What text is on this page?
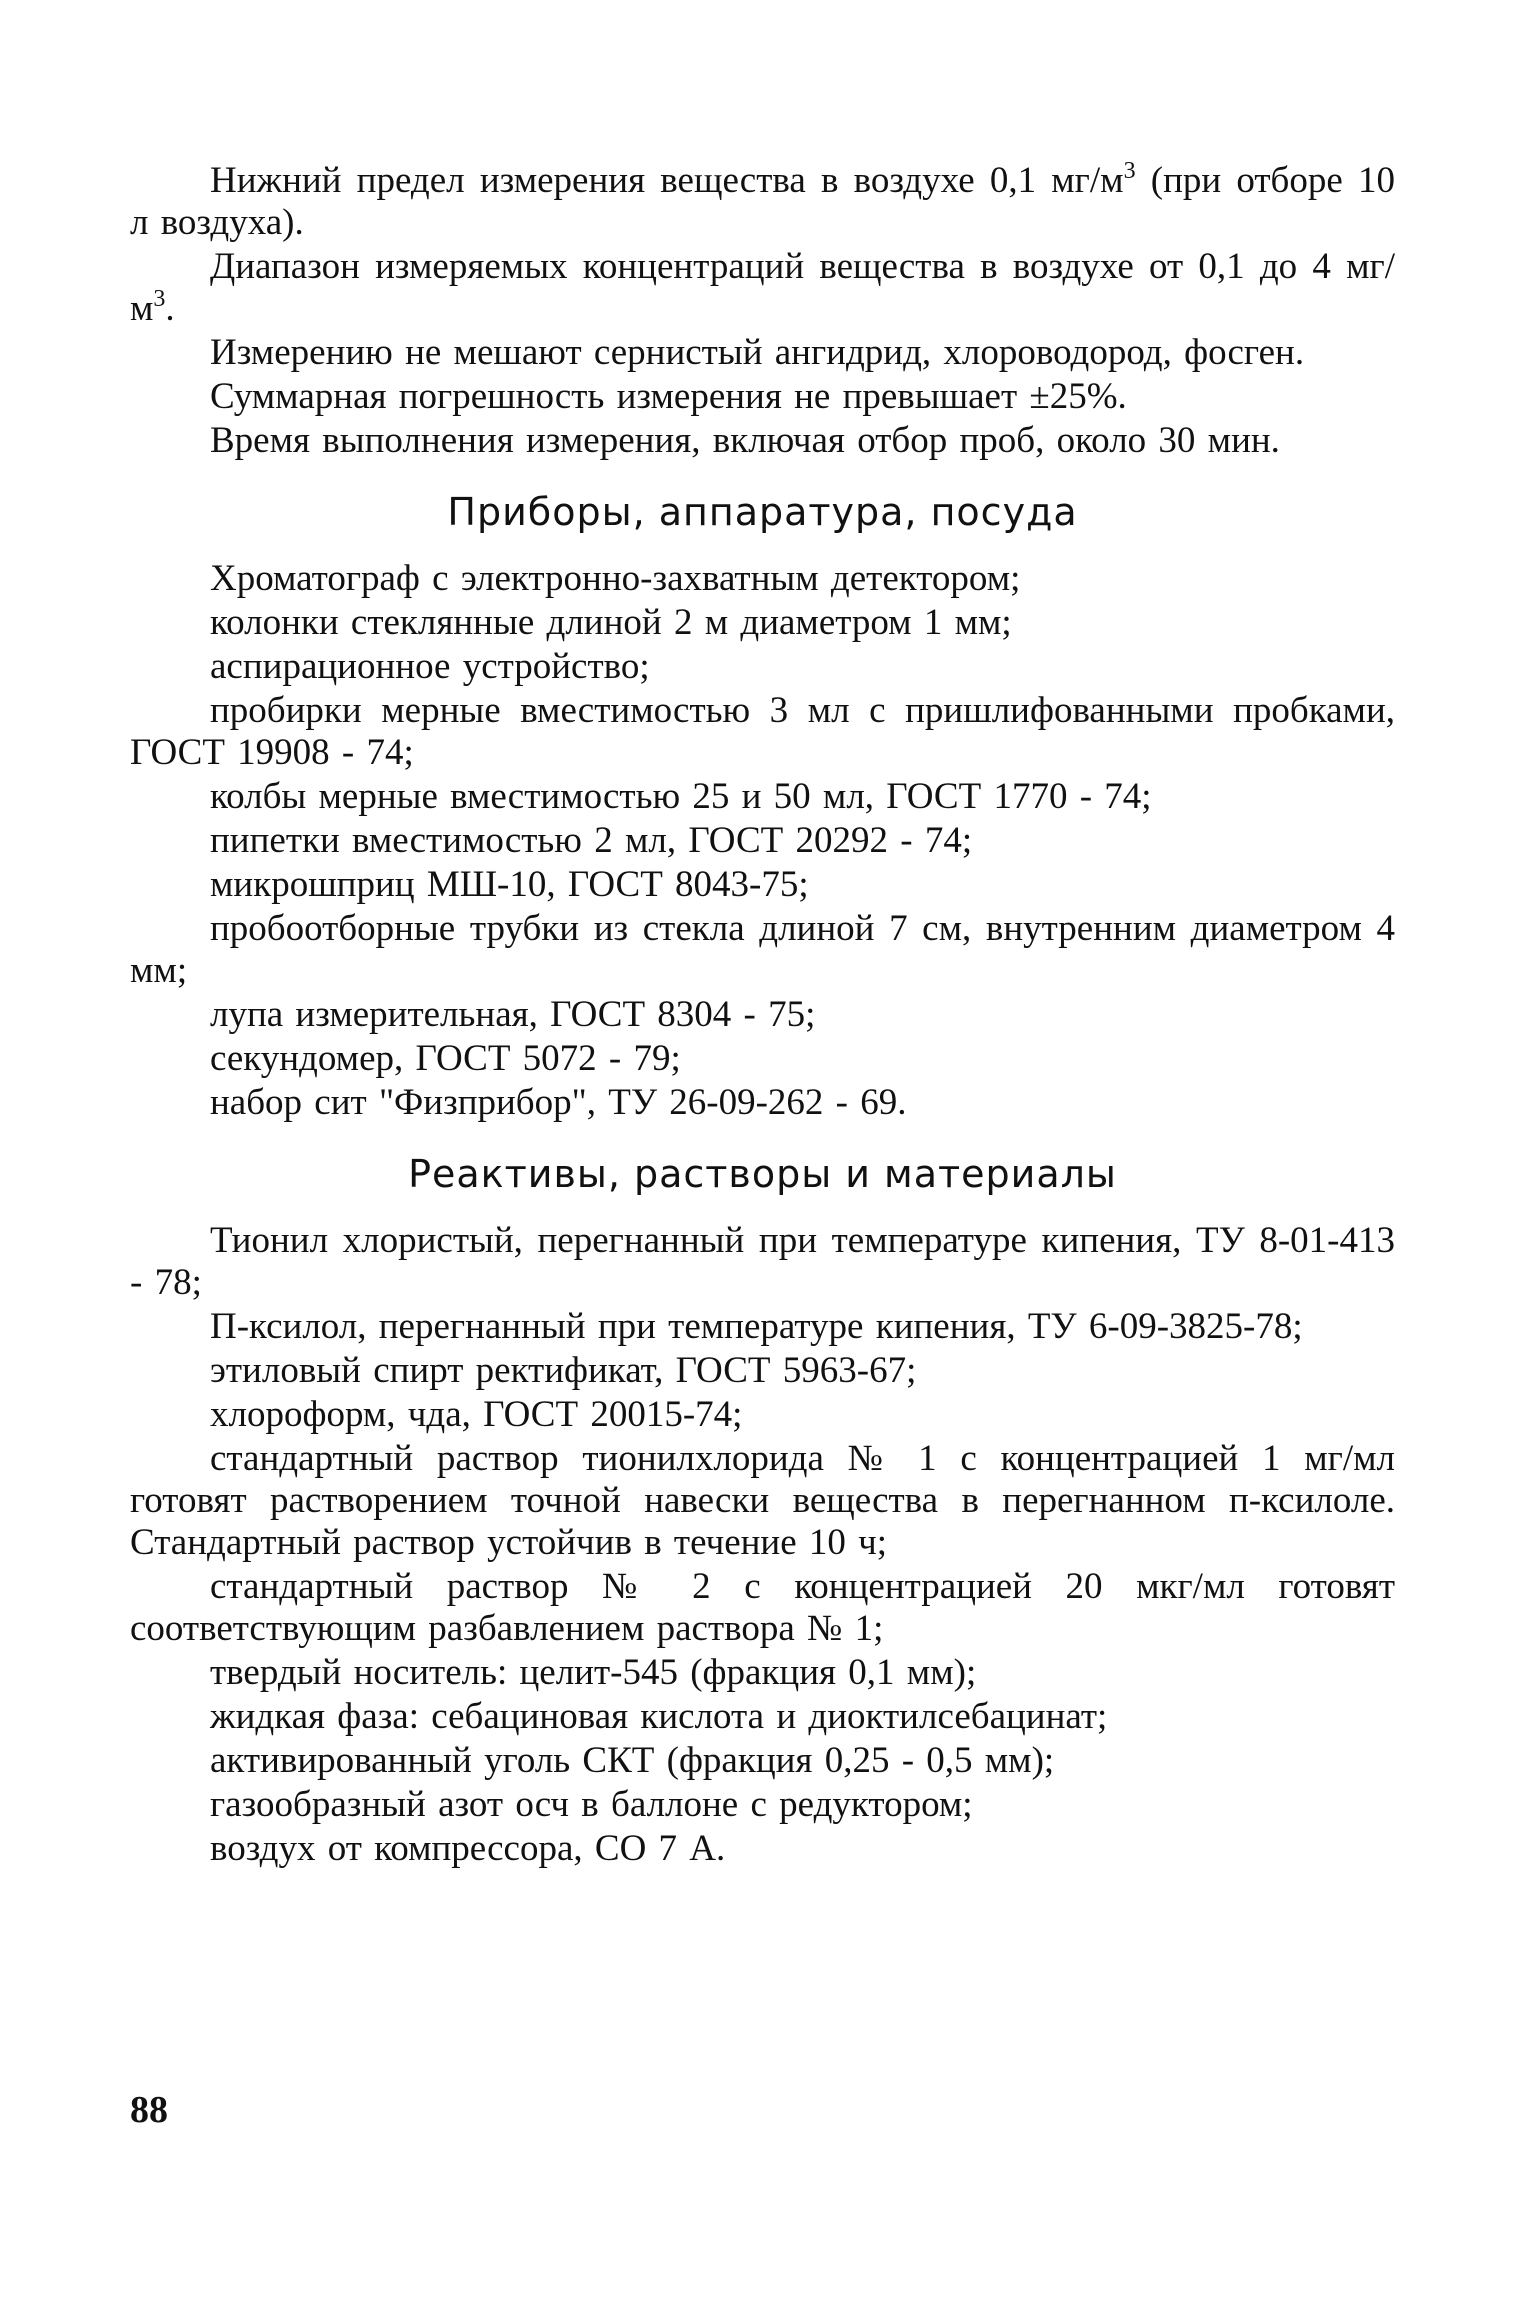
Нижний предел измерения вещества в воздухе 0,1 $мг/м^3$ (при отборе 10 л воздуха).

Диапазон измеряемых концентраций вещества в воздухе от 0,1 до 4 $мг/м^3$.

Измерению не мешают сернистый ангидрид, хлороводород, фосген.

Суммарная погрешность измерения не превышает ±25%.

Время выполнения измерения, включая отбор проб, около 30 мин.

Приборы, аппаратура, посуда

Хроматограф с электронно-захватным детектором;

колонки стеклянные длиной 2 м диаметром 1 мм;

аспирационное устройство;

пробирки мерные вместимостью 3 мл с пришлифованными пробками, ГОСТ 19908 - 74;

колбы мерные вместимостью 25 и 50 мл, ГОСТ 1770 - 74;

пипетки вместимостью 2 мл, ГОСТ 20292 - 74;

микрошприц МШ-10, ГОСТ 8043-75;

пробоотборные трубки из стекла длиной 7 см, внутренним диаметром 4 мм;

лупа измерительная, ГОСТ 8304 - 75;

секундомер, ГОСТ 5072 - 79;

набор сит "Физприбор", ТУ 26-09-262 - 69.

Реактивы, растворы и материалы

Тионил хлористый, перегнанный при температуре кипения, ТУ 8-01-413 - 78;

П-ксилол, перегнанный при температуре кипения, ТУ 6-09-3825-78;

этиловый спирт ректификат, ГОСТ 5963-67;

хлороформ, чда, ГОСТ 20015-74;

стандартный раствор тионилхлорида № 1 с концентрацией 1 мг/мл готовят растворением точной навески вещества в перегнанном п-ксилоле. Стандартный раствор устойчив в течение 10 ч;

стандартный раствор № 2 с концентрацией 20 мкг/мл готовят соответствующим разбавлением раствора № 1;

твердый носитель: целит-545 (фракция 0,1 мм);

жидкая фаза: себациновая кислота и диоктилсебацинат;

активированный уголь СКТ (фракция 0,25 - 0,5 мм);

газообразный азот осч в баллоне с редуктором;

воздух от компрессора, СО 7 А.

88
